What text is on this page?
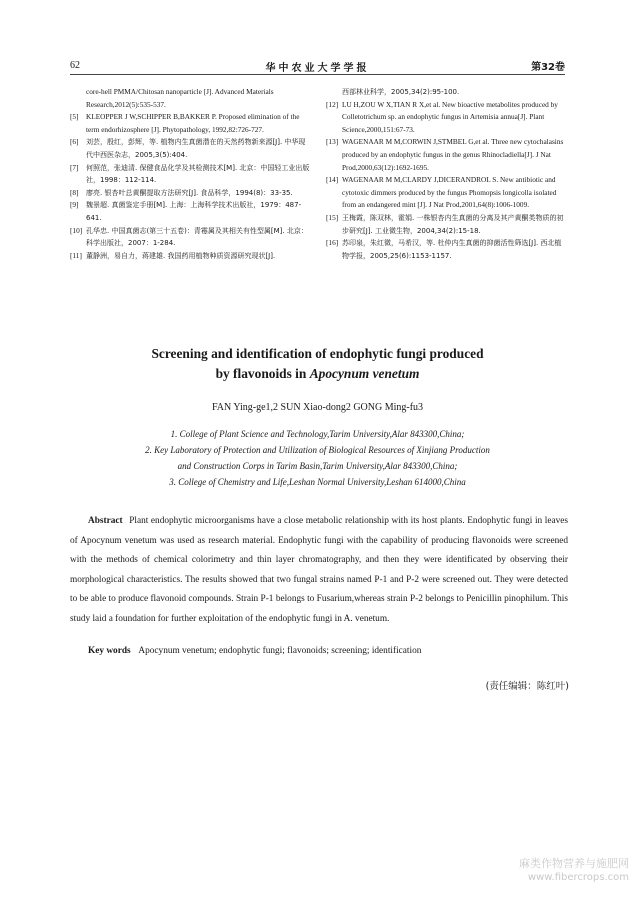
62	华中农业大学学报	第32卷

core-hell PMMA/Chitosan nanoparticle [J]. Advanced Materials Research,2012(5):535-537.

[5] KLEOPPER J W,SCHIPPER B,BAKKER P. Proposed elimination of the term endorhizosphere [J]. Phytopathology, 1992,82:726-727.

[6] 刘芸，殷红，彭辉，等. 植物内生真菌潜在的天然药物新来源[J]. 中华现代中西医杂志，2005,3(5):404.

[7] 何照范，张迪清. 保健食品化学及其检测技术[M]. 北京：中国轻工业出版社，1998：112-114.

[8] 廖亮. 银杏叶总黄酮提取方法研究[J]. 食品科学，1994(8)：33-35.

[9] 魏景超. 真菌鉴定手册[M]. 上海：上海科学技术出版社，1979：487-641.

[10] 孔华忠. 中国真菌志(第三十五卷)：青霉属及其相关有性型属[M]. 北京：科学出版社，2007：1-284.

[11] 董静洲，易自力，蒋建雄. 我国药用植物种质资源研究现状[J].

西部林业科学，2005,34(2):95-100.

[12] LU H,ZOU W X,TIAN R X,et al. New bioactive metabolites produced by Colletotrichum sp. an endophytic fungus in Artemisia annua[J]. Plant Science,2000,151:67-73.

[13] WAGENAAR M M,CORWIN J,STMBEL G,et al. Three new cytochalasins produced by an endophytic fungus in the genus Rhinocladiella[J]. J Nat Prod,2000,63(12):1692-1695.

[14] WAGENAAR M M,CLARDY J,DICERANDROL S. New antibiotic and cytotoxic dimmers produced by the fungus Phomopsis longicolla isolated from an endangered mint [J]. J Nat Prod,2001,64(8):1006-1009.

[15] 王梅霞，陈双林，霍娟. 一株银杏内生真菌的分离及其产黄酮类物质的初步研究[J]. 工业微生物，2004,34(2):15-18.

[16] 苏印泉，朱红微，马希汉，等. 杜仲内生真菌的抑菌活性筛选[J]. 西北植物学报，2005,25(6):1153-1157.

Screening and identification of endophytic fungi produced
by flavonoids in Apocynum venetum
FAN Ying-ge1,2 SUN Xiao-dong2 GONG Ming-fu3

1. College of Plant Science and Technology,Tarim University,Alar 843300,China;

2. Key Laboratory of Protection and Utilization of Biological Resources of Xinjiang Production

and Construction Corps in Tarim Basin,Tarim University,Alar 843300,China;

3. College of Chemistry and Life,Leshan Normal University,Leshan 614000,China

Abstract Plant endophytic microorganisms have a close metabolic relationship with its host plants. Endophytic fungi in leaves of Apocynum venetum was used as research material. Endophytic fungi with the capability of producing flavonoids were screened with the methods of chemical colorimetry and thin layer chromatography, and then they were identificated by observing their morphological characteristics. The results showed that two fungal strains named P-1 and P-2 were screened out. They were detected to be able to produce flavonoid compounds. Strain P-1 belongs to Fusarium,whereas strain P-2 belongs to Penicillin pinophilum. This study laid a foundation for further exploitation of the endophytic fungi in A. venetum.
Key words Apocynum venetum; endophytic fungi; flavonoids; screening; identification
(责任编辑：陈红叶)
麻类作物营养与施肥网
www.fibercrops.com
